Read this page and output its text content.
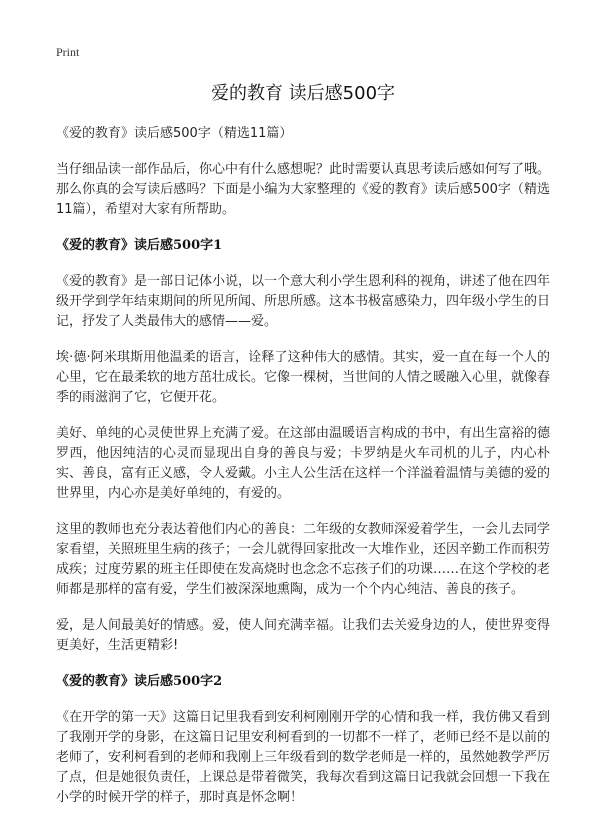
Print
爱的教育 读后感500字
《爱的教育》读后感500字（精选11篇）

当仔细品读一部作品后，你心中有什么感想呢？此时需要认真思考读后感如何写了哦。那么你真的会写读后感吗？下面是小编为大家整理的《爱的教育》读后感500字（精选11篇），希望对大家有所帮助。

《爱的教育》读后感500字1

《爱的教育》是一部日记体小说，以一个意大利小学生恩利科的视角，讲述了他在四年级开学到学年结束期间的所见所闻、所思所感。这本书极富感染力，四年级小学生的日记，抒发了人类最伟大的感情——爱。

埃·德·阿米琪斯用他温柔的语言，诠释了这种伟大的感情。其实，爱一直在每一个人的心里，它在最柔软的地方茁壮成长。它像一棵树，当世间的人情之暖融入心里，就像春季的雨滋润了它，它便开花。

美好、单纯的心灵使世界上充满了爱。在这部由温暖语言构成的书中，有出生富裕的德罗西，他因纯洁的心灵而显现出自身的善良与爱；卡罗纳是火车司机的儿子，内心朴实、善良，富有正义感，令人爱戴。小主人公生活在这样一个洋溢着温情与美德的爱的世界里，内心亦是美好单纯的，有爱的。

这里的教师也充分表达着他们内心的善良：二年级的女教师深爱着学生，一会儿去同学家看望，关照班里生病的孩子；一会儿就得回家批改一大堆作业，还因辛勤工作而积劳成疾；过度劳累的班主任即使在发高烧时也念念不忘孩子们的功课……在这个学校的老师都是那样的富有爱，学生们被深深地熏陶，成为一个个内心纯洁、善良的孩子。

爱，是人间最美好的情感。爱，使人间充满幸福。让我们去关爱身边的人，使世界变得更美好，生活更精彩!

《爱的教育》读后感500字2

《在开学的第一天》这篇日记里我看到安利柯刚刚开学的心情和我一样，我仿佛又看到了我刚开学的身影，在这篇日记里安利柯看到的一切都不一样了，老师已经不是以前的老师了，安利柯看到的老师和我刚上三年级看到的数学老师是一样的，虽然她教学严厉了点，但是她很负责任，上课总是带着微笑，我每次看到这篇日记我就会回想一下我在小学的时候开学的样子，那时真是怀念啊！
